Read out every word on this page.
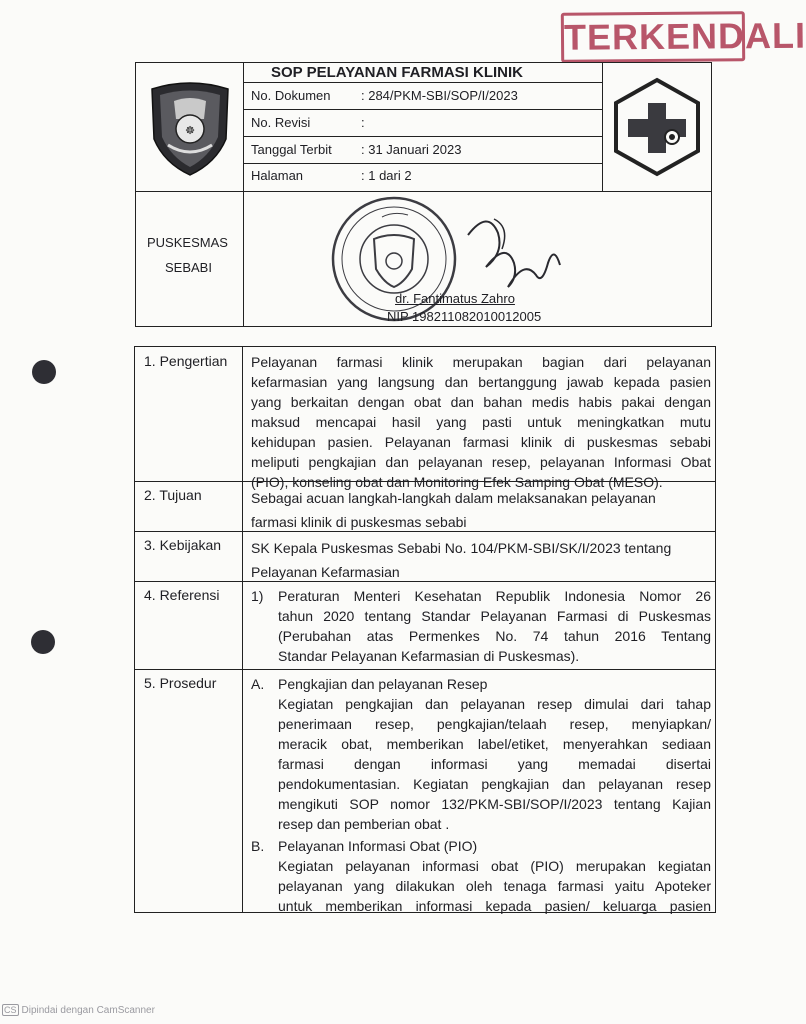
TERKENDALI
☸
SOP PELAYANAN FARMASI KLINIK
No. Dokumen : 284/PKM-SBI/SOP/I/2023
No. Revisi	:
Tanggal Terbit : 31 Januari 2023
Halaman	: 1 dari 2
PUSKESMAS
SEBABI
dr. Fantimatus Zahro
NIP 198211082010012005
1. Pengertian Pelayanan farmasi klinik merupakan bagian dari pelayanan
kefarmasian yang langsung dan bertanggung jawab kepada pasien
yang berkaitan dengan obat dan bahan medis habis pakai dengan
maksud mencapai hasil yang pasti untuk meningkatkan mutu
kehidupan pasien. Pelayanan farmasi klinik di puskesmas sebabi
meliputi pengkajian dan pelayanan resep, pelayanan Informasi Obat
(PIO), konseling obat dan Monitoring Efek Samping Obat (MESO).
2. Tujuan	Sebagai acuan langkah-langkah dalam melaksanakan pelayanan
farmasi klinik di puskesmas sebabi
3. Kebijakan SK Kepala Puskesmas Sebabi No. 104/PKM-SBI/SK/I/2023 tentang
Pelayanan Kefarmasian
4. Referensi 1) Peraturan Menteri Kesehatan Republik Indonesia Nomor 26
tahun 2020 tentang Standar Pelayanan Farmasi di Puskesmas
(Perubahan atas Permenkes No. 74 tahun 2016 Tentang
Standar Pelayanan Kefarmasian di Puskesmas).
5. Prosedur A. Pengkajian dan pelayanan Resep
Kegiatan pengkajian dan pelayanan resep dimulai dari tahap
penerimaan resep, pengkajian/telaah resep, menyiapkan/
meracik obat, memberikan label/etiket, menyerahkan sediaan
farmasi dengan informasi yang memadai disertai
pendokumentasian. Kegiatan pengkajian dan pelayanan resep
mengikuti SOP nomor 132/PKM-SBI/SOP/I/2023 tentang Kajian
resep dan pemberian obat .
B. Pelayanan Informasi Obat (PIO)
Kegiatan pelayanan informasi obat (PIO) merupakan kegiatan
pelayanan yang dilakukan oleh tenaga farmasi yaitu Apoteker
untuk memberikan informasi kepada pasien/ keluarga pasien
CS Dipindai dengan CamScanner
